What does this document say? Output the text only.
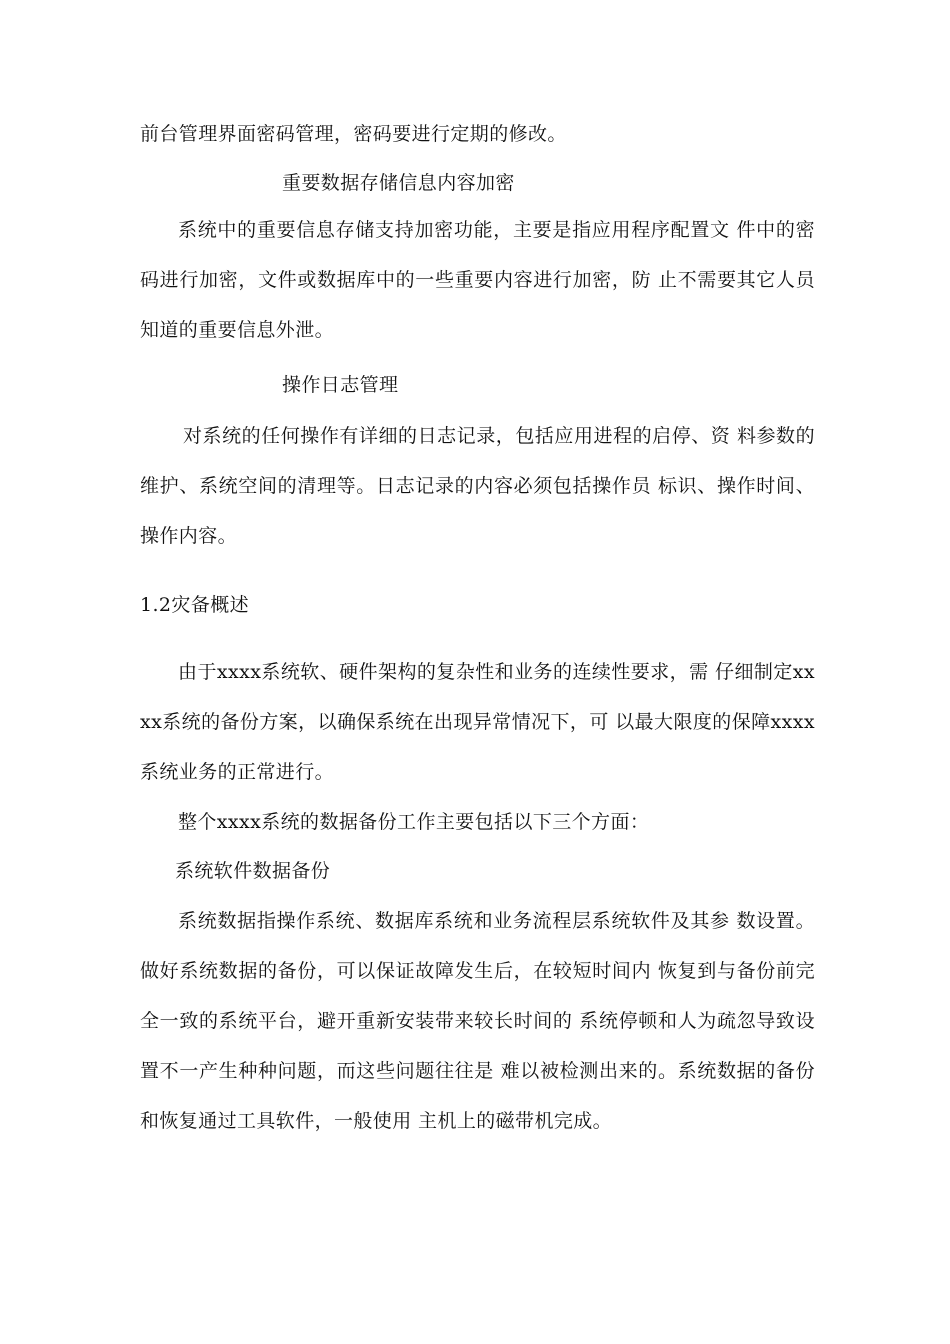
前台管理界面密码管理，密码要进行定期的修改。

重要数据存储信息内容加密

系统中的重要信息存储支持加密功能，主要是指应用程序配置文 件中的密码进行加密，文件或数据库中的一些重要内容进行加密，防 止不需要其它人员知道的重要信息外泄。

操作日志管理

对系统的任何操作有详细的日志记录，包括应用进程的启停、资 料参数的维护、系统空间的清理等。日志记录的内容必须包括操作员 标识、操作时间、操作内容。

1.2灾备概述

由于xxxx系统软、硬件架构的复杂性和业务的连续性要求，需 仔细制定xxxx系统的备份方案，以确保系统在出现异常情况下，可 以最大限度的保障xxxx系统业务的正常进行。

整个xxxx系统的数据备份工作主要包括以下三个方面：

系统软件数据备份

系统数据指操作系统、数据库系统和业务流程层系统软件及其参 数设置。做好系统数据的备份，可以保证故障发生后，在较短时间内 恢复到与备份前完全一致的系统平台，避开重新安装带来较长时间的 系统停顿和人为疏忽导致设置不一产生种种问题，而这些问题往往是 难以被检测出来的。系统数据的备份和恢复通过工具软件，一般使用 主机上的磁带机完成。
